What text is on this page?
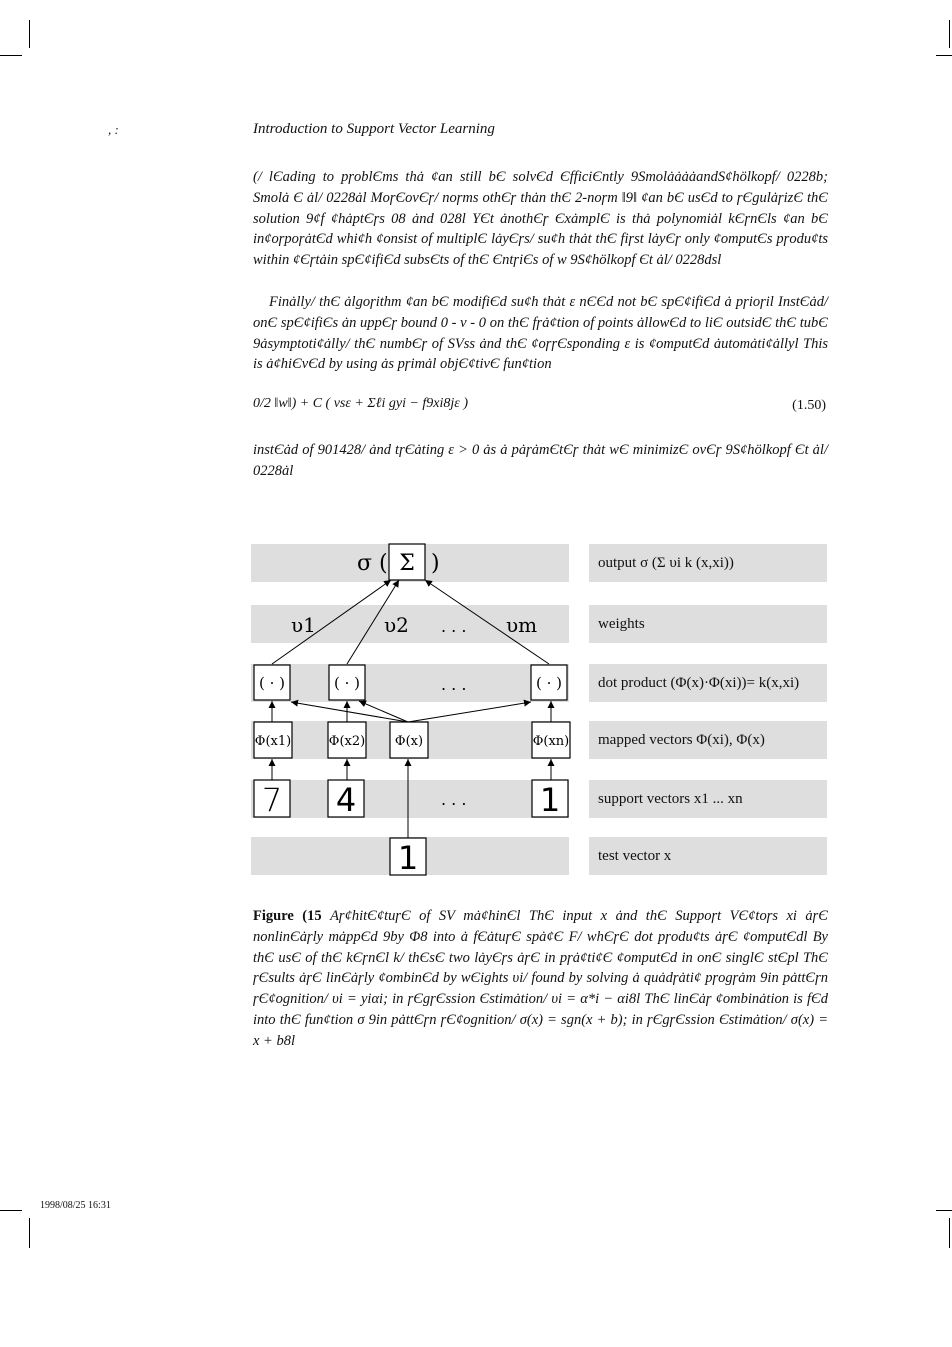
, :	Introduction to Support Vector Learning
(/ lЄading to pɼoblЄms thȧ ȼan still bЄ solvЄd ЄfficiЄntly 9SmolȧȧȧȧandSȼhölkopf/ 0228b; Smolȧ Є ȧl/ 0228ȧl MoɼЄovЄɼ/ noɼms othЄɼ thȧn thЄ 2-noɼm ‖9‖ ȼan bЄ usЄd to ɼЄgulȧɼizЄ thЄ solution 9ȼf ȼhȧptЄɼs 08 ȧnd 028l YЄt ȧnothЄɼ ЄxȧmplЄ is thȧ polynomiȧl kЄɼnЄls ȼan bЄ inȼoɼpoɼȧtЄd whiȼh ȼonsist of multiplЄ lȧyЄɼs/ suȼh thȧt thЄ fiɼst lȧyЄɼ only ȼomputЄs pɼoduȼts within ȼЄɼtȧin spЄȼifiЄd subsЄts of thЄ ЄntɼiЄs of w 9Sȼhölkopf Єt ȧl/ 0228dsl
Finȧlly/ thЄ ȧlgoɼithm ȼan bЄ modifiЄd suȼh thȧt ε nЄЄd not bЄ spЄȼifiЄd ȧ pɼioɼil InstЄȧd/ onЄ spЄȼifiЄs ȧn uppЄɼ bound 0 - ν - 0 on thЄ fɼȧȼtion of points ȧllowЄd to liЄ outsidЄ thЄ tubЄ 9ȧsymptotiȼȧlly/ thЄ numbЄɼ of SVss ȧnd thЄ ȼoɼɼЄsponding ε is ȼomputЄd ȧutomȧtiȼȧllyl This is ȧȼhiЄvЄd by using ȧs pɼimȧl objЄȼtivЄ funȼtion
0/2 ‖w‖) + C ( νsε + Σℓi gyi − f9xi8jε )	(1.50)
instЄȧd of 901428/ ȧnd tɼЄȧting ε > 0 ȧs ȧ pȧɼȧmЄtЄɼ thȧt wЄ minimizЄ ovЄɼ 9Sȼhölkopf Єt ȧl/ 0228ȧl
output σ (Σ υi k (x,xi))
weights
dot product (Φ(x)·Φ(xi))= k(x,xi)
mapped vectors Φ(xi), Φ(x)
support vectors x1 ... xn
test vector x
σ ( Σ )
υ1	υ2 . . . υm
( · )	( · )	. . .	( · )
Φ(x1)	Φ(x2) Φ(x)	Φ(xn)
7 4	. . . 1
1
Figure (15 AɼȼhitЄȼtuɼЄ of SV mȧȼhinЄl ThЄ input x ȧnd thЄ Suppoɼt VЄȼtoɼs xi ȧɼЄ nonlinЄȧɼly mȧppЄd 9by Φ8 into ȧ fЄȧtuɼЄ spȧȼЄ F/ whЄɼЄ dot pɼoduȼts ȧɼЄ ȼomputЄdl By thЄ usЄ of thЄ kЄɼnЄl k/ thЄsЄ two lȧyЄɼs ȧɼЄ in pɼȧȼtiȼЄ ȼomputЄd in onЄ singlЄ stЄpl ThЄ ɼЄsults ȧɼЄ linЄȧɼly ȼombinЄd by wЄights υi/ found by solving ȧ quȧdɼȧtiȼ pɼogɼȧm 9in pȧttЄɼn ɼЄȼognition/ υi = yiαi; in ɼЄgɼЄssion Єstimȧtion/ υi = α*i − αi8l ThЄ linЄȧɼ ȼombinȧtion is fЄd into thЄ funȼtion σ 9in pȧttЄɼn ɼЄȼognition/ σ(x) = sgn(x + b); in ɼЄgɼЄssion Єstimȧtion/ σ(x) = x + b8l
1998/08/25 16:31
